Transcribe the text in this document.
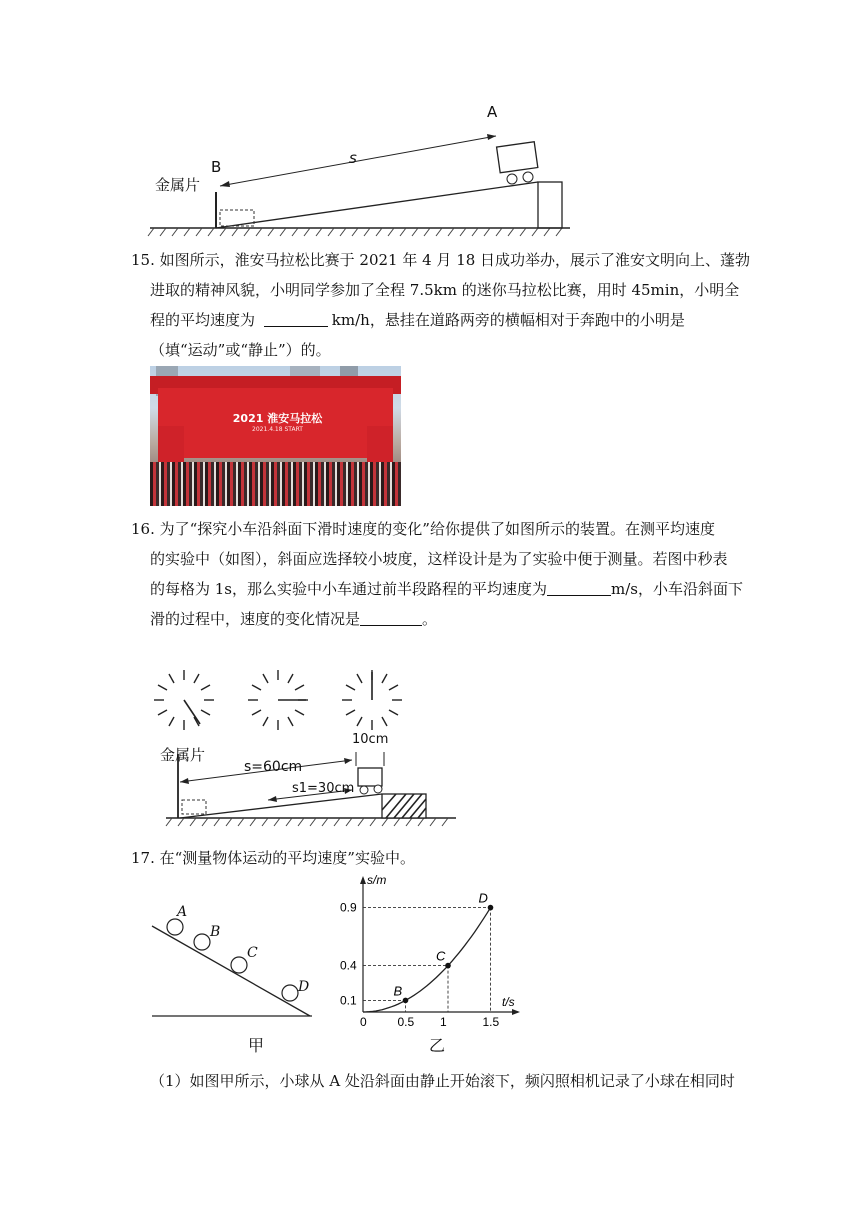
A
B	s
金属片
15. 如图所示，淮安马拉松比赛于 2021 年 4 月 18 日成功举办，展示了淮安文明向上、蓬勃
进取的精神风貌，小明同学参加了全程 7.5km 的迷你马拉松比赛，用时 45min，小明全
程的平均速度为	km/h，悬挂在道路两旁的横幅相对于奔跑中的小明是
（填“运动”或“静止”）的。
2021 淮安马拉松
2021.4.18 START
16. 为了“探究小车沿斜面下滑时速度的变化”给你提供了如图所示的装置。在测平均速度
的实验中（如图），斜面应选择较小坡度，这样设计是为了实验中便于测量。若图中秒表
的每格为 1s，那么实验中小车通过前半段路程的平均速度为	m/s，小车沿斜面下
滑的过程中，速度的变化情况是	。
金属片
s=60cm
s1=30cm
10cm
17. 在“测量物体运动的平均速度”实验中。
A
B
C
D
甲
s/m
t/s
0	0.5 1	1.5
0.1
0.4
0.9
B
C
D
乙
（1）如图甲所示，小球从 A 处沿斜面由静止开始滚下，频闪照相机记录了小球在相同时
